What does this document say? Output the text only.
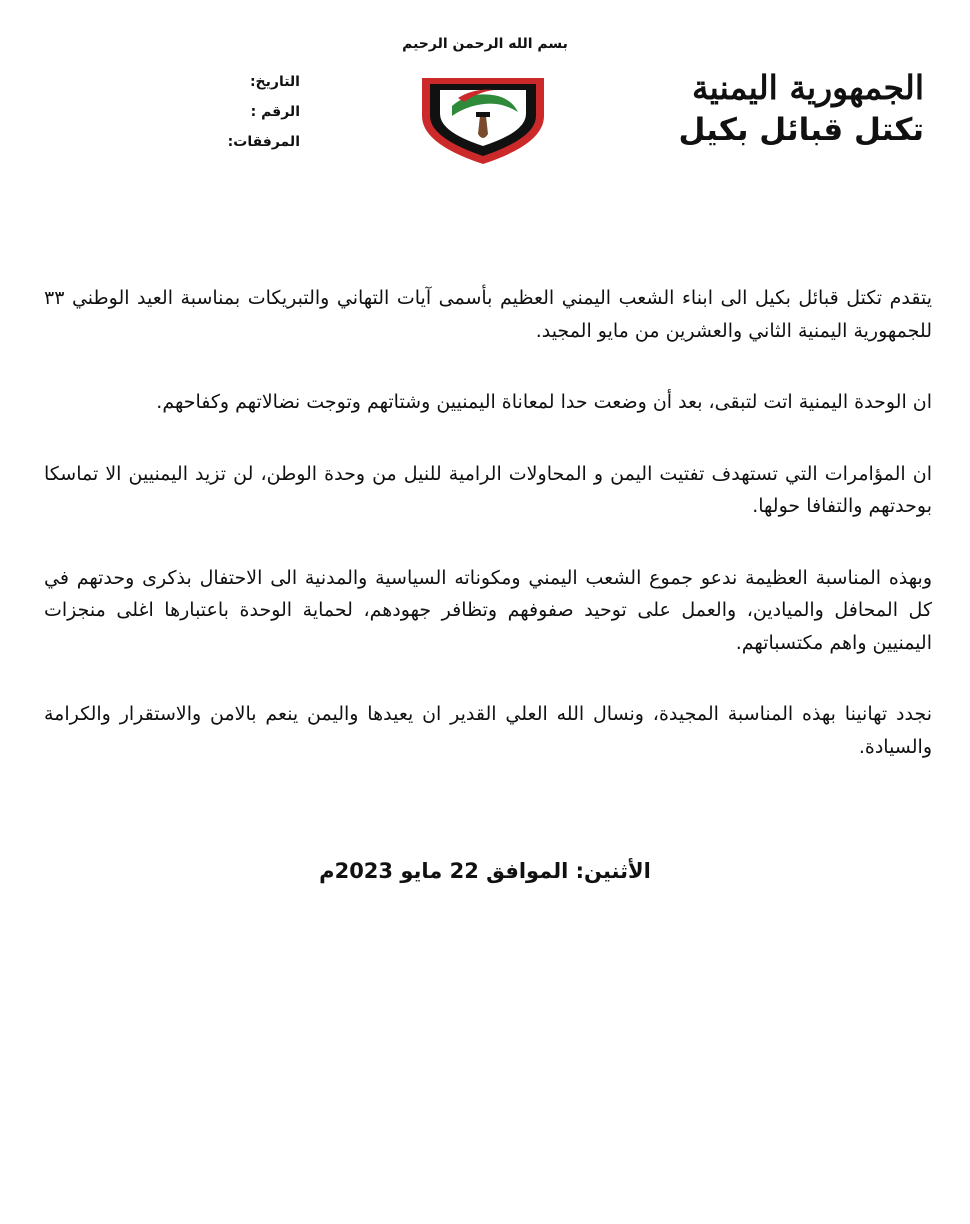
بسم الله الرحمن الرحيم
الجمهورية اليمنية
تكتل قبائل بكيل
التاريخ:
الرقم :
المرفقات:

يتقدم تكتل قبائل بكيل الى ابناء الشعب اليمني العظيم بأسمى آيات التهاني والتبريكات بمناسبة العيد الوطني ٣٣ للجمهورية اليمنية الثاني والعشرين من مايو المجيد.

ان الوحدة اليمنية اتت لتبقى، بعد أن وضعت حدا لمعاناة اليمنيين وشتاتهم وتوجت نضالاتهم وكفاحهم.

ان المؤامرات التي تستهدف تفتيت اليمن و المحاولات الرامية للنيل من وحدة الوطن، لن تزيد اليمنيين الا تماسكا بوحدتهم والتفافا حولها.

وبهذه المناسبة العظيمة ندعو جموع الشعب اليمني ومكوناته السياسية والمدنية الى الاحتفال بذكرى وحدتهم في كل المحافل والميادين، والعمل على توحيد صفوفهم وتظافر جهودهم، لحماية الوحدة باعتبارها اغلى منجزات اليمنيين واهم مكتسباتهم.

نجدد تهانينا بهذه المناسبة المجيدة، ونسال الله العلي القدير ان يعيدها واليمن ينعم بالامن والاستقرار والكرامة والسيادة.

الأثنين: الموافق 22 مايو 2023م
